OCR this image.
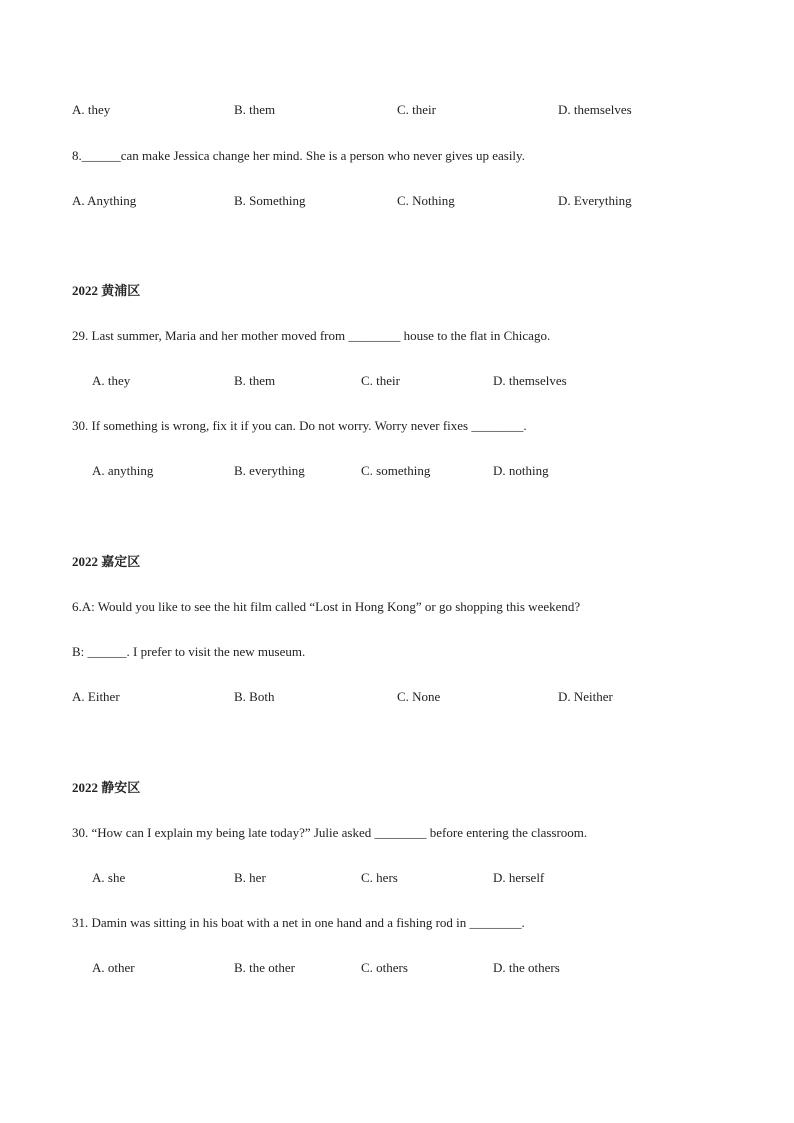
A. they	B. them	C. their	D. themselves
8.______can make Jessica change her mind. She is a person who never gives up easily.
A. Anything	B. Something	C. Nothing	D. Everything
2022 黄浦区
29. Last summer, Maria and her mother moved from ________ house to the flat in Chicago.
A. they	B. them	C. their	D. themselves
30. If something is wrong, fix it if you can. Do not worry. Worry never fixes ________.
A. anything	B. everything	C. something	D. nothing
2022 嘉定区
6.A: Would you like to see the hit film called “Lost in Hong Kong” or go shopping this weekend?
B: ______. I prefer to visit the new museum.
A. Either	B. Both	C. None	D. Neither
2022 静安区
30. “How can I explain my being late today?” Julie asked ________ before entering the classroom.
A. she	B. her	C. hers	D. herself
31. Damin was sitting in his boat with a net in one hand and a fishing rod in ________.
A. other	B. the other	C. others	D. the others
